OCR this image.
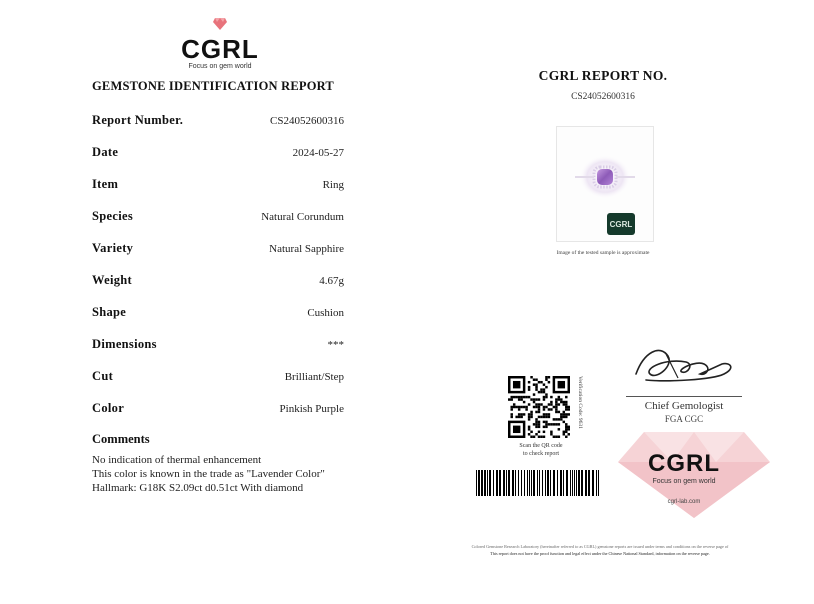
CGRL
Focus on gem world
GEMSTONE IDENTIFICATION REPORT
Report Number.	CS24052600316
Date	2024-05-27
Item	Ring
Species	Natural Corundum
Variety	Natural Sapphire
Weight	4.67g
Shape	Cushion
Dimensions	***
Cut	Brilliant/Step
Color	Pinkish Purple
Comments
No indication of thermal enhancement
This color is known in the trade as "Lavender Color"
Hallmark: G18K S2.09ct d0.51ct With diamond
CGRL REPORT NO.
CS24052600316
CGRL
Image of the tested sample is approximate
Chief Gemologist
FGA CGC
Verification Code: 9631
Scan the QR code
to check report	CGRL
Focus on gem world
cgrl-lab.com
Colored Gemstone Research Laboratory (hereinafter referred to as CGRL) gemstone reports are issued under terms and conditions on the reverse page of
This report does not have the proof function and legal effect under the Chinese National Standard, information on the reverse page.
